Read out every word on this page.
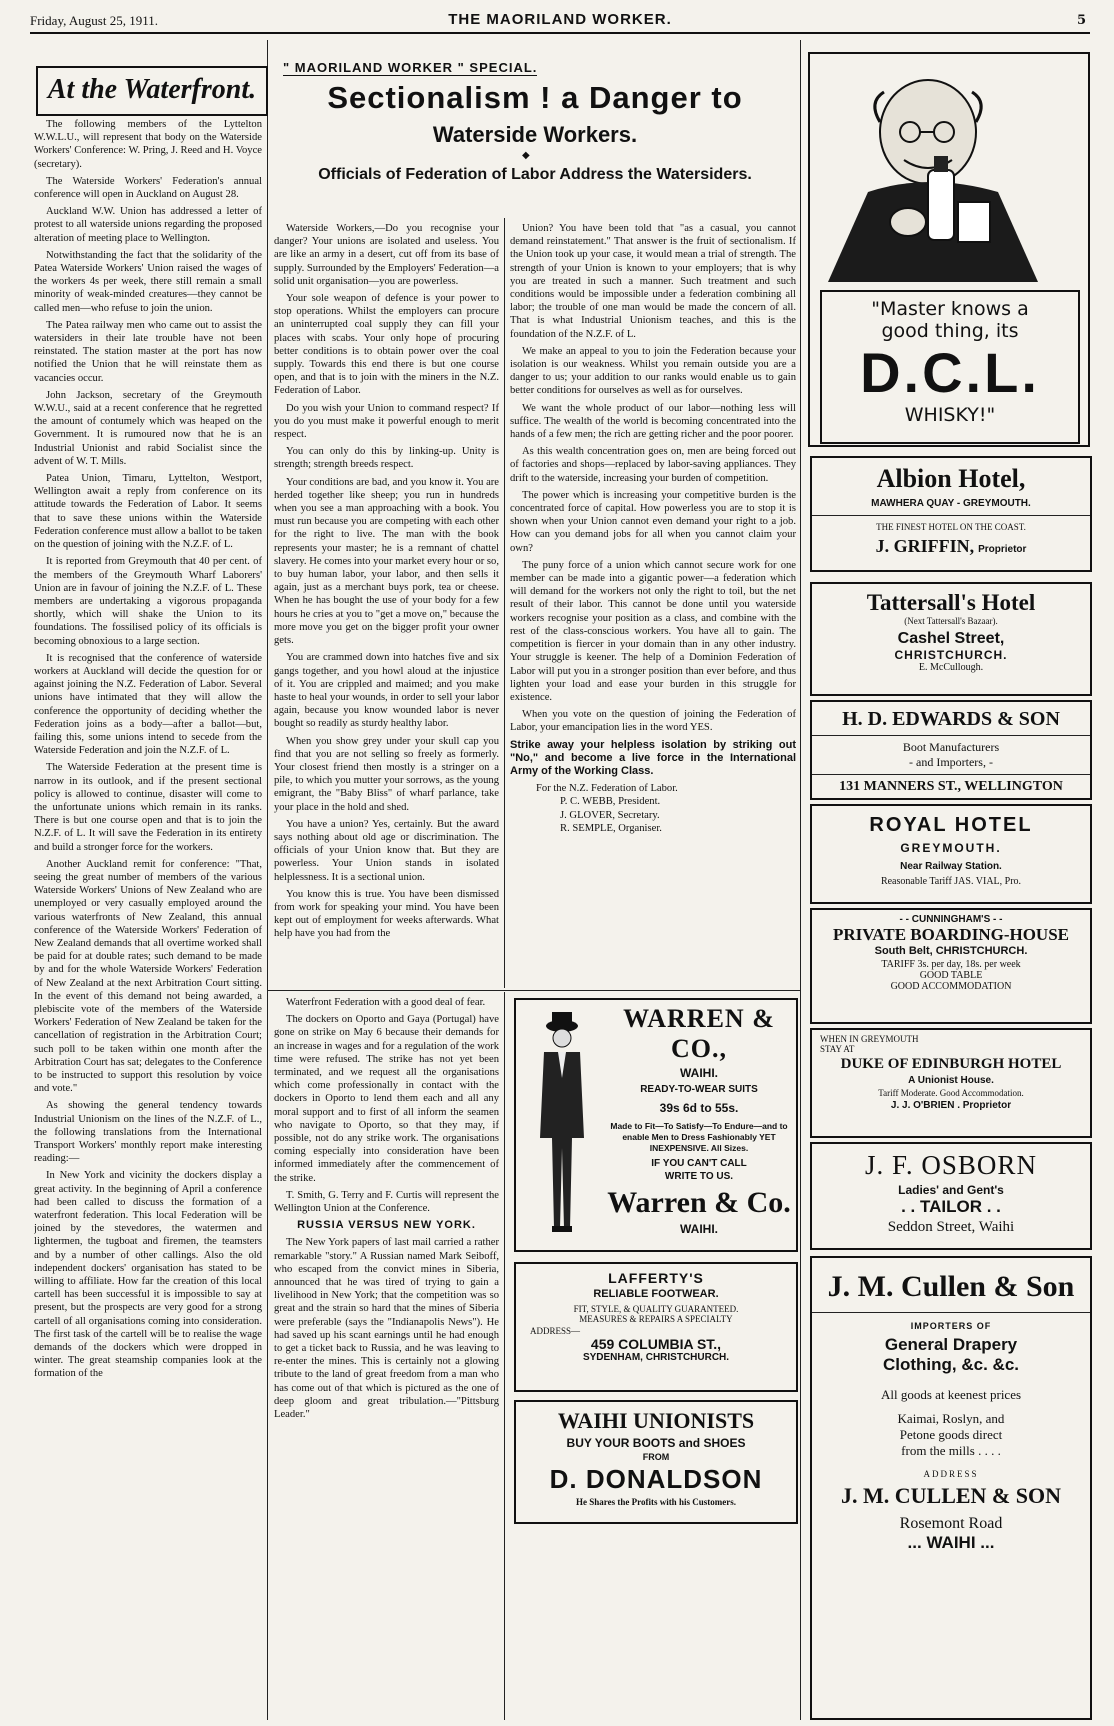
Friday, August 25, 1911.	THE MAORILAND WORKER.	5
At the Waterfront.

The following members of the Lyttelton W.W.L.U., will represent that body on the Waterside Workers' Conference: W. Pring, J. Reed and H. Voyce (secretary).

The Waterside Workers' Federation's annual conference will open in Auckland on August 28.

Auckland W.W. Union has addressed a letter of protest to all waterside unions regarding the proposed alteration of meeting place to Wellington.

Notwithstanding the fact that the solidarity of the Patea Waterside Workers' Union raised the wages of the workers 4s per week, there still remain a small minority of weak-minded creatures—they cannot be called men—who refuse to join the union.

The Patea railway men who came out to assist the watersiders in their late trouble have not been reinstated. The station master at the port has now notified the Union that he will reinstate them as vacancies occur.

John Jackson, secretary of the Greymouth W.W.U., said at a recent conference that he regretted the amount of contumely which was heaped on the Government. It is rumoured now that he is an Industrial Unionist and rabid Socialist since the advent of W. T. Mills.

Patea Union, Timaru, Lyttelton, Westport, Wellington await a reply from conference on its attitude towards the Federation of Labor. It seems that to save these unions within the Waterside Federation conference must allow a ballot to be taken on the question of joining with the N.Z.F. of L.

It is reported from Greymouth that 40 per cent. of the members of the Greymouth Wharf Laborers' Union are in favour of joining the N.Z.F. of L. These members are undertaking a vigorous propaganda shortly, which will shake the Union to its foundations. The fossilised policy of its officials is becoming obnoxious to a large section.

It is recognised that the conference of waterside workers at Auckland will decide the question for or against joining the N.Z. Federation of Labor. Several unions have intimated that they will allow the conference the opportunity of deciding whether the Federation joins as a body—after a ballot—but, failing this, some unions intend to secede from the Waterside Federation and join the N.Z.F. of L.

The Waterside Federation at the present time is narrow in its outlook, and if the present sectional policy is allowed to continue, disaster will come to the unfortunate unions which remain in its ranks. There is but one course open and that is to join the N.Z.F. of L. It will save the Federation in its entirety and build a stronger force for the workers.

Another Auckland remit for conference: "That, seeing the great number of members of the various Waterside Workers' Unions of New Zealand who are unemployed or very casually employed around the various waterfronts of New Zealand, this annual conference of the Waterside Workers' Federation of New Zealand demands that all overtime worked shall be paid for at double rates; such demand to be made by and for the whole Waterside Workers' Federation of New Zealand at the next Arbitration Court sitting. In the event of this demand not being awarded, a plebiscite vote of the members of the Waterside Workers' Federation of New Zealand be taken for the cancellation of registration in the Arbitration Court; such poll to be taken within one month after the Arbitration Court has sat; delegates to the Conference to be instructed to support this resolution by voice and vote."

As showing the general tendency towards Industrial Unionism on the lines of the N.Z.F. of L., the following translations from the International Transport Workers' monthly report make interesting reading:—

In New York and vicinity the dockers display a great activity. In the beginning of April a conference had been called to discuss the formation of a waterfront federation. This local Federation will be joined by the stevedores, the watermen and lightermen, the tugboat and firemen, the teamsters and by a number of other callings. Also the old independent dockers' organisation has stated to be willing to affiliate. How far the creation of this local cartell has been successful it is impossible to say at present, but the prospects are very good for a strong cartell of all organisations coming into consideration. The first task of the cartell will be to realise the wage demands of the dockers which were dropped in winter. The great steamship companies look at the formation of the

" MAORILAND WORKER " SPECIAL.
Sectionalism ! a Danger to
Waterside Workers.
◆
Officials of Federation of Labor Address the Watersiders.

Waterside Workers,—Do you recognise your danger? Your unions are isolated and useless. You are like an army in a desert, cut off from its base of supply. Surrounded by the Employers' Federation—a solid unit organisation—you are powerless.

Your sole weapon of defence is your power to stop operations. Whilst the employers can procure an uninterrupted coal supply they can fill your places with scabs. Your only hope of procuring better conditions is to obtain power over the coal supply. Towards this end there is but one course open, and that is to join with the miners in the N.Z. Federation of Labor.

Do you wish your Union to command respect? If you do you must make it powerful enough to merit respect.

You can only do this by linking-up. Unity is strength; strength breeds respect.

Your conditions are bad, and you know it. You are herded together like sheep; you run in hundreds when you see a man approaching with a book. You must run because you are competing with each other for the right to live. The man with the book represents your master; he is a remnant of chattel slavery. He comes into your market every hour or so, to buy human labor, your labor, and then sells it again, just as a merchant buys pork, tea or cheese. When he has bought the use of your body for a few hours he cries at you to "get a move on," because the more move you get on the bigger profit your owner gets.

You are crammed down into hatches five and six gangs together, and you howl aloud at the injustice of it. You are crippled and maimed; and you make haste to heal your wounds, in order to sell your labor again, because you know wounded labor is never bought so readily as sturdy healthy labor.

When you show grey under your skull cap you find that you are not selling so freely as formerly. Your closest friend then mostly is a stringer on a pile, to which you mutter your sorrows, as the young emigrant, the "Baby Bliss" of wharf parlance, take your place in the hold and shed.

You have a union? Yes, certainly. But the award says nothing about old age or discrimination. The officials of your Union know that. But they are powerless. Your Union stands in isolated helplessness. It is a sectional union.

You know this is true. You have been dismissed from work for speaking your mind. You have been kept out of employment for weeks afterwards. What help have you had from the

Union? You have been told that "as a casual, you cannot demand reinstatement." That answer is the fruit of sectionalism. If the Union took up your case, it would mean a trial of strength. The strength of your Union is known to your employers; that is why you are treated in such a manner. Such treatment and such conditions would be impossible under a federation combining all labor; the trouble of one man would be made the concern of all. That is what Industrial Unionism teaches, and this is the foundation of the N.Z.F. of L.

We make an appeal to you to join the Federation because your isolation is our weakness. Whilst you remain outside you are a danger to us; your addition to our ranks would enable us to gain better conditions for ourselves as well as for ourselves.

We want the whole product of our labor—nothing less will suffice. The wealth of the world is becoming concentrated into the hands of a few men; the rich are getting richer and the poor poorer.

As this wealth concentration goes on, men are being forced out of factories and shops—replaced by labor-saving appliances. They drift to the waterside, increasing your burden of competition.

The power which is increasing your competitive burden is the concentrated force of capital. How powerless you are to stop it is shown when your Union cannot even demand your right to a job. How can you demand jobs for all when you cannot claim your own?

The puny force of a union which cannot secure work for one member can be made into a gigantic power—a federation which will demand for the workers not only the right to toil, but the net result of their labor. This cannot be done until you waterside workers recognise your position as a class, and combine with the rest of the class-conscious workers. You have all to gain. The competition is fiercer in your domain than in any other industry. Your struggle is keener. The help of a Dominion Federation of Labor will put you in a stronger position than ever before, and thus lighten your load and ease your burden in this struggle for existence.

When you vote on the question of joining the Federation of Labor, your emancipation lies in the word YES.

Strike away your helpless isolation by striking out "No," and become a live force in the International Army of the Working Class.

For the N.Z. Federation of Labor.

P. C. WEBB, President.

J. GLOVER, Secretary.

R. SEMPLE, Organiser.

Waterfront Federation with a good deal of fear.

The dockers on Oporto and Gaya (Portugal) have gone on strike on May 6 because their demands for an increase in wages and for a regulation of the work time were refused. The strike has not yet been terminated, and we request all the organisations which come professionally in contact with the dockers in Oporto to lend them each and all any moral support and to first of all inform the seamen who navigate to Oporto, so that they may, if possible, not do any strike work. The organisations coming especially into consideration have been informed immediately after the commencement of the strike.

T. Smith, G. Terry and F. Curtis will represent the Wellington Union at the Conference.

RUSSIA VERSUS NEW YORK.

The New York papers of last mail carried a rather remarkable "story." A Russian named Mark Seiboff, who escaped from the convict mines in Siberia, announced that he was tired of trying to gain a livelihood in New York; that the competition was so great and the strain so hard that the mines of Siberia were preferable (says the "Indianapolis News"). He had saved up his scant earnings until he had enough to get a ticket back to Russia, and he was leaving to re-enter the mines. This is certainly not a glowing tribute to the land of great freedom from a man who has come out of that which is pictured as the one of deep gloom and great tribulation.—"Pittsburg Leader."

WARREN & CO.,
WAIHI.
READY-TO-WEAR SUITS
39s 6d to 55s.
Made to Fit—To Satisfy—To Endure—and to enable Men to Dress Fashionably YET INEXPENSIVE. All Sizes.
IF YOU CAN'T CALL
WRITE TO US.
Warren & Co.
WAIHI.
LAFFERTY'S
RELIABLE FOOTWEAR.
FIT, STYLE, & QUALITY GUARANTEED.
MEASURES & REPAIRS A SPECIALTY
ADDRESS—
459 COLUMBIA ST.,
SYDENHAM, CHRISTCHURCH.
WAIHI UNIONISTS
BUY YOUR BOOTS and SHOES
FROM
D. DONALDSON
He Shares the Profits with his Customers.
"Master knows a
good thing, its
D.C.L.
WHISKY!"
Albion Hotel,
MAWHERA QUAY - GREYMOUTH.
THE FINEST HOTEL ON THE COAST.
J. GRIFFIN, Proprietor
Tattersall's Hotel
(Next Tattersall's Bazaar).
Cashel Street,
CHRISTCHURCH.
E. McCullough.
H. D. EDWARDS & SON
Boot Manufacturers
- and Importers, -
131 MANNERS ST., WELLINGTON
ROYAL HOTEL
GREYMOUTH.
Near Railway Station.
Reasonable Tariff JAS. VIAL, Pro.
- - CUNNINGHAM'S - -
PRIVATE BOARDING-HOUSE
South Belt, CHRISTCHURCH.
TARIFF 3s. per day, 18s. per week
GOOD TABLE
GOOD ACCOMMODATION
WHEN IN GREYMOUTH
STAY AT
DUKE OF EDINBURGH HOTEL
A Unionist House.
Tariff Moderate. Good Accommodation.
J. J. O'BRIEN . Proprietor
J. F. OSBORN
Ladies' and Gent's
. . TAILOR . .
Seddon Street, Waihi
J. M. Cullen & Son
IMPORTERS OF
General Drapery
Clothing, &c. &c.
All goods at keenest prices
Kaimai, Roslyn, and
Petone goods direct
from the mills . . . .
ADDRESS
J. M. CULLEN & SON
Rosemont Road
... WAIHI ...
